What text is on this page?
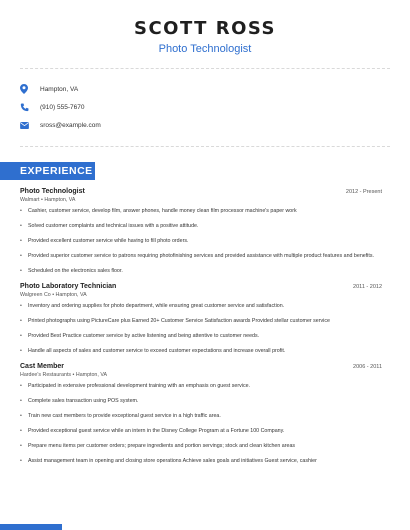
SCOTT ROSS
Photo Technologist
Hampton, VA
(910) 555-7670
sross@example.com
EXPERIENCE
Photo Technologist	2012 - Present
Walmart • Hampton, VA
• Cashier, customer service, develop film, answer phones, handle money clean film processor machine's paper work
• Solved customer complaints and technical issues with a positive attitude.
• Provided excellent customer service while having to fill photo orders.
• Provided superior customer service to patrons requiring photofinishing services and provided assistance with multiple product features and benefits.
• Scheduled on the electronics sales floor.
Photo Laboratory Technician	2011 - 2012
Walgreen Co • Hampton, VA
• Inventory and ordering supplies for photo department, while ensuring great customer service and satisfaction.
• Printed photographs using PictureCare plus Earned 20+ Customer Service Satisfaction awards Provided stellar customer service
• Provided Best Practice customer service by active listening and being attentive to customer needs.
• Handle all aspects of sales and customer service to exceed customer expectations and increase overall profit.
Cast Member	2006 - 2011
Hardee's Restaurants • Hampton, VA
• Participated in extensive professional development training with an emphasis on guest service.
• Complete sales transaction using POS system.
• Train new cast members to provide exceptional guest service in a high traffic area.
• Provided exceptional guest service while an intern in the Disney College Program at a Fortune 100 Company.
• Prepare menu items per customer orders; prepare ingredients and portion servings; stock and clean kitchen areas
• Assist management team in opening and closing store operations Achieve sales goals and initiatives Guest service, cashier
